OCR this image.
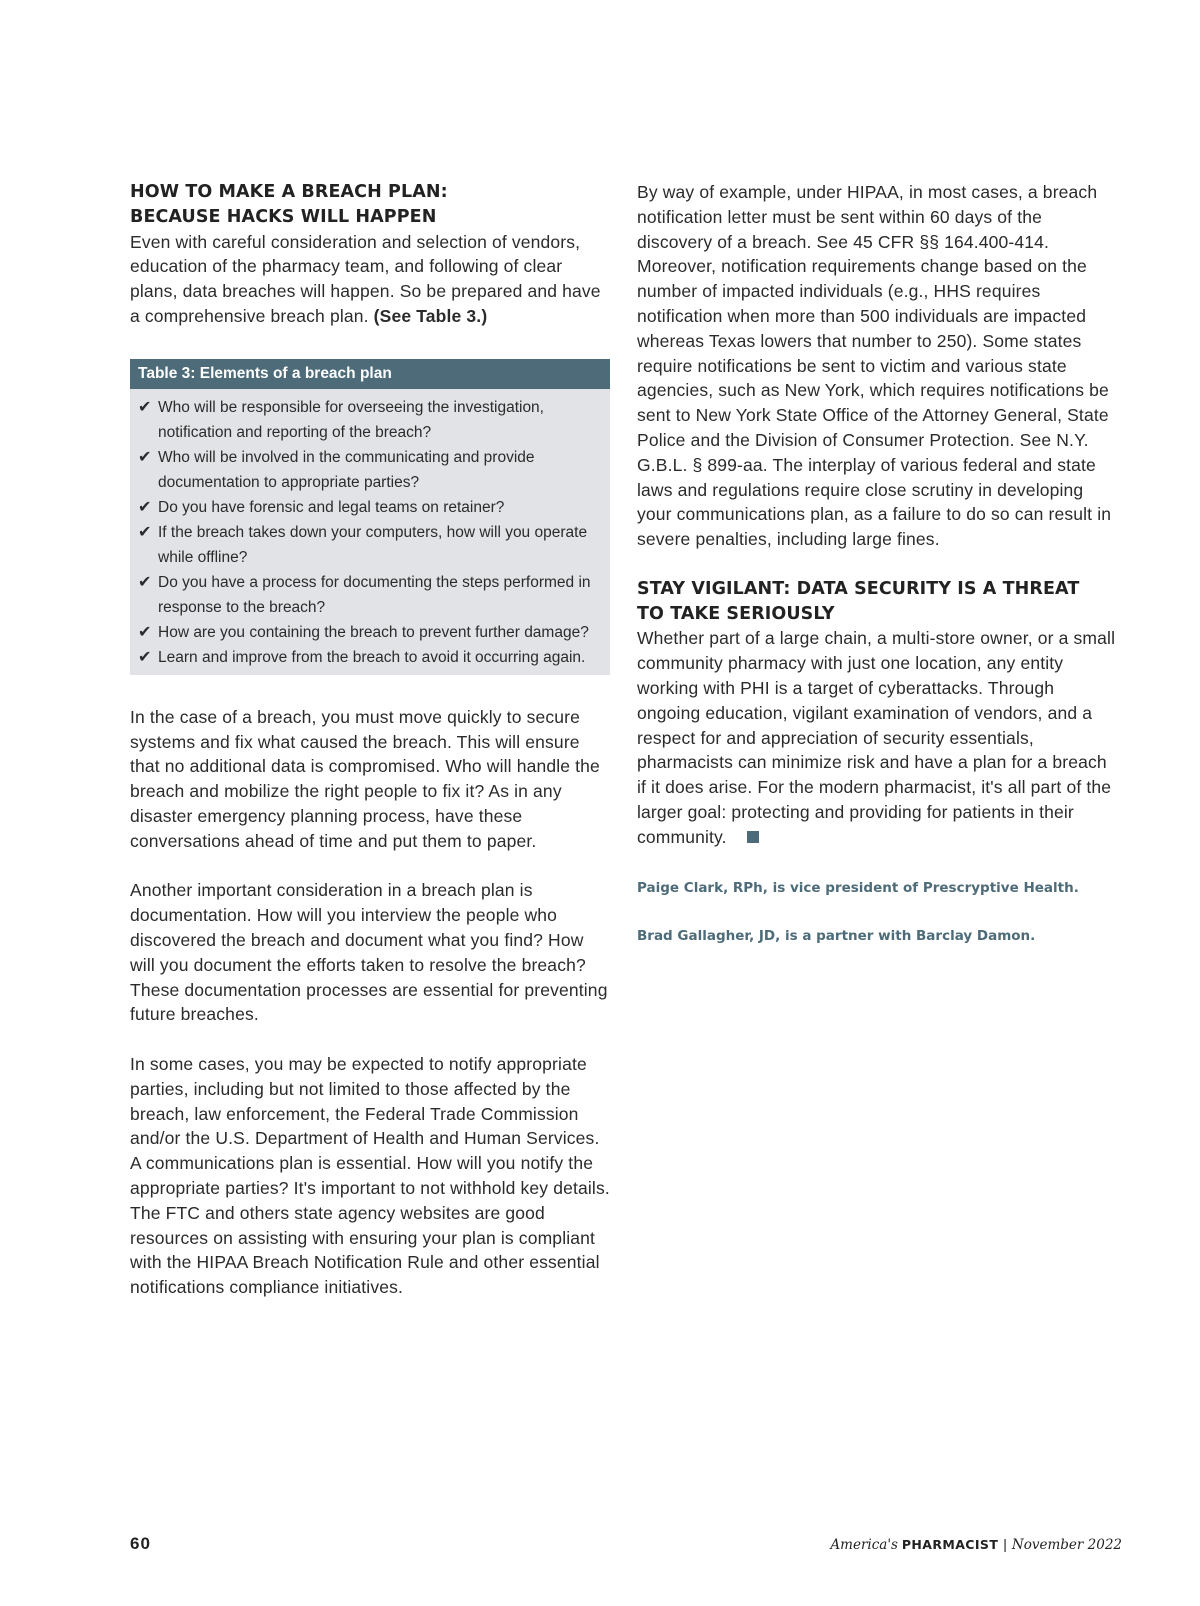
HOW TO MAKE A BREACH PLAN:
BECAUSE HACKS WILL HAPPEN

Even with careful consideration and selection of vendors, education of the pharmacy team, and following of clear plans, data breaches will happen. So be prepared and have a comprehensive breach plan. (See Table 3.)

Table 3: Elements of a breach plan
✔ Who will be responsible for overseeing the investigation, notification and reporting of the breach?
✔ Who will be involved in the communicating and provide documentation to appropriate parties?
✔ Do you have forensic and legal teams on retainer?
✔ If the breach takes down your computers, how will you operate while offline?
✔ Do you have a process for documenting the steps performed in response to the breach?
✔ How are you containing the breach to prevent further damage?
✔ Learn and improve from the breach to avoid it occurring again.

In the case of a breach, you must move quickly to secure systems and fix what caused the breach. This will ensure that no additional data is compromised. Who will handle the breach and mobilize the right people to fix it? As in any disaster emergency planning process, have these conversations ahead of time and put them to paper.

Another important consideration in a breach plan is documentation. How will you interview the people who discovered the breach and document what you find? How will you document the efforts taken to resolve the breach? These documentation processes are essential for preventing future breaches.

In some cases, you may be expected to notify appropriate parties, including but not limited to those affected by the breach, law enforcement, the Federal Trade Commission and/or the U.S. Department of Health and Human Services. A communications plan is essential. How will you notify the appropriate parties? It's important to not withhold key details. The FTC and others state agency websites are good resources on assisting with ensuring your plan is compliant with the HIPAA Breach Notification Rule and other essential notifications compliance initiatives.

By way of example, under HIPAA, in most cases, a breach notification letter must be sent within 60 days of the discovery of a breach. See 45 CFR §§ 164.400-414. Moreover, notification requirements change based on the number of impacted individuals (e.g., HHS requires notification when more than 500 individuals are impacted whereas Texas lowers that number to 250). Some states require notifications be sent to victim and various state agencies, such as New York, which requires notifications be sent to New York State Office of the Attorney General, State Police and the Division of Consumer Protection. See N.Y. G.B.L. § 899-aa. The interplay of various federal and state laws and regulations require close scrutiny in developing your communications plan, as a failure to do so can result in severe penalties, including large fines.

STAY VIGILANT: DATA SECURITY IS A THREAT
TO TAKE SERIOUSLY

Whether part of a large chain, a multi-store owner, or a small community pharmacy with just one location, any entity working with PHI is a target of cyberattacks. Through ongoing education, vigilant examination of vendors, and a respect for and appreciation of security essentials, pharmacists can minimize risk and have a plan for a breach if it does arise. For the modern pharmacist, it's all part of the larger goal: protecting and providing for patients in their community.

Paige Clark, RPh, is vice president of Prescryptive Health.

Brad Gallagher, JD, is a partner with Barclay Damon.

60	America's PHARMACIST | November 2022
